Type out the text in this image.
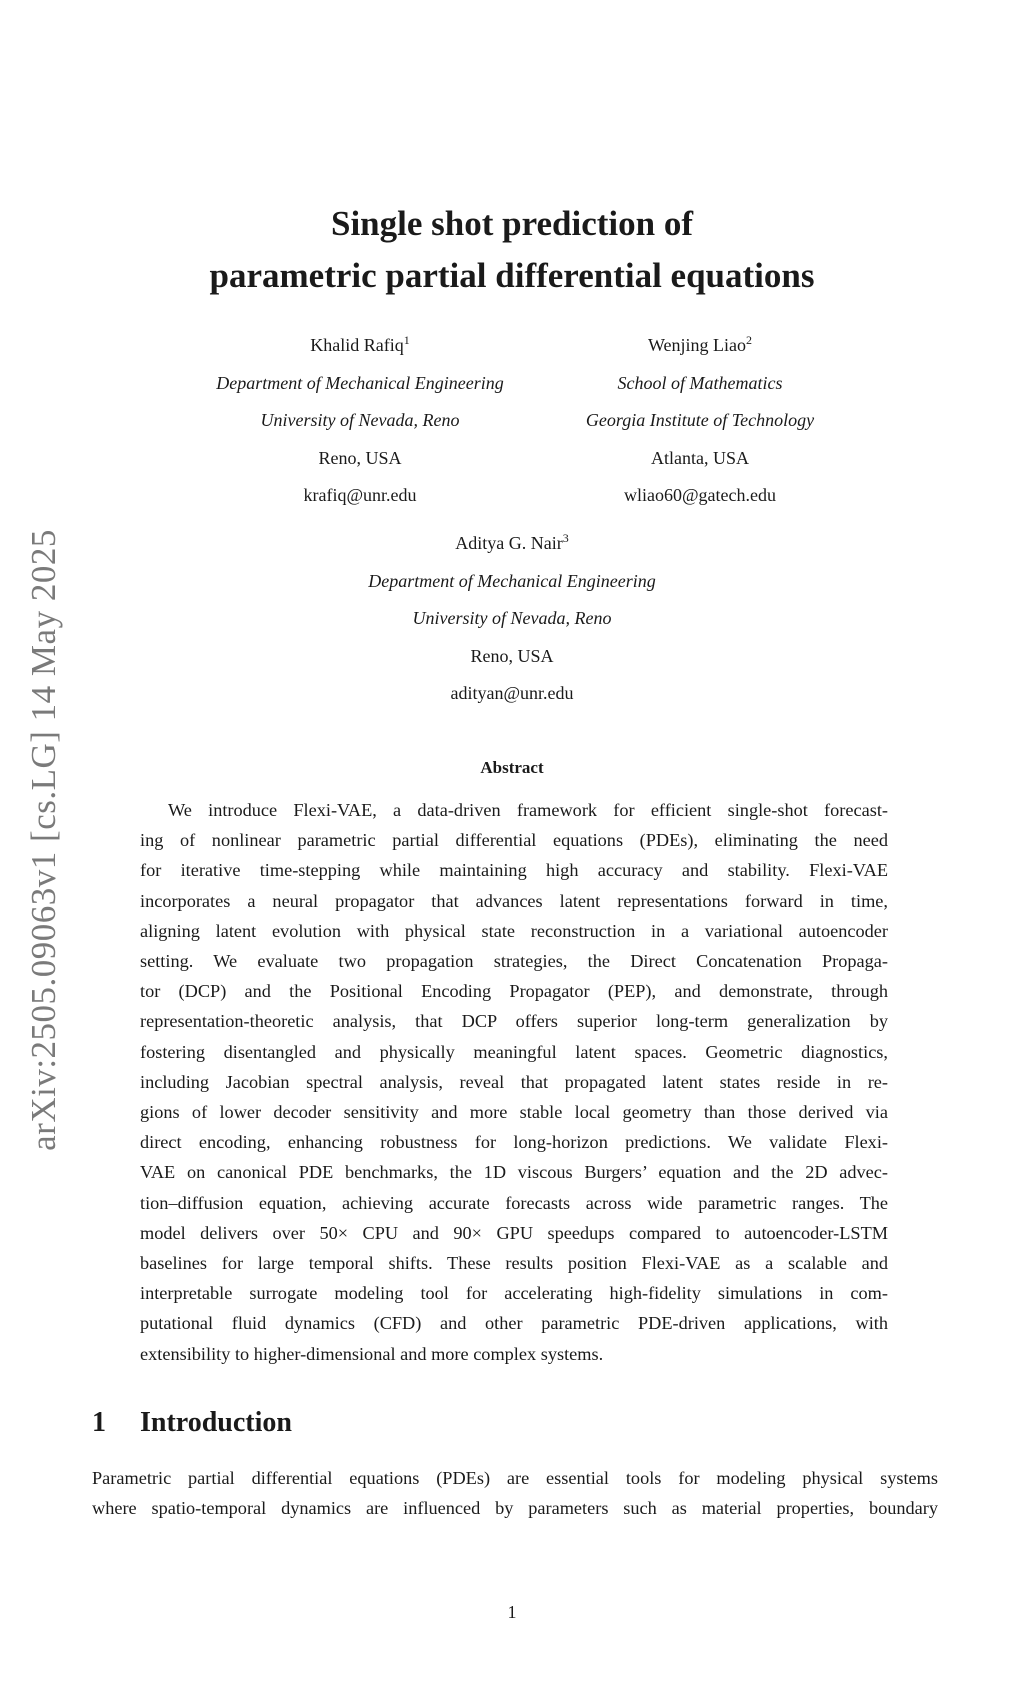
arXiv:2505.09063v1 [cs.LG] 14 May 2025
Single shot prediction of
parametric partial differential equations
Khalid Rafiq$^1$
Department of Mechanical Engineering
University of Nevada, Reno
Reno, USA
krafiq@unr.edu
Wenjing Liao$^2$
School of Mathematics
Georgia Institute of Technology
Atlanta, USA
wliao60@gatech.edu
Aditya G. Nair$^3$
Department of Mechanical Engineering
University of Nevada, Reno
Reno, USA
adityan@unr.edu
Abstract
We introduce Flexi-VAE, a data-driven framework for efficient single-shot forecast-
ing of nonlinear parametric partial differential equations (PDEs), eliminating the need
for iterative time-stepping while maintaining high accuracy and stability. Flexi-VAE
incorporates a neural propagator that advances latent representations forward in time,
aligning latent evolution with physical state reconstruction in a variational autoencoder
setting. We evaluate two propagation strategies, the Direct Concatenation Propaga-
tor (DCP) and the Positional Encoding Propagator (PEP), and demonstrate, through
representation-theoretic analysis, that DCP offers superior long-term generalization by
fostering disentangled and physically meaningful latent spaces. Geometric diagnostics,
including Jacobian spectral analysis, reveal that propagated latent states reside in re-
gions of lower decoder sensitivity and more stable local geometry than those derived via
direct encoding, enhancing robustness for long-horizon predictions. We validate Flexi-
VAE on canonical PDE benchmarks, the 1D viscous Burgers’ equation and the 2D advec-
tion–diffusion equation, achieving accurate forecasts across wide parametric ranges. The
model delivers over 50× CPU and 90× GPU speedups compared to autoencoder-LSTM
baselines for large temporal shifts. These results position Flexi-VAE as a scalable and
interpretable surrogate modeling tool for accelerating high-fidelity simulations in com-
putational fluid dynamics (CFD) and other parametric PDE-driven applications, with
extensibility to higher-dimensional and more complex systems.
1 Introduction
Parametric partial differential equations (PDEs) are essential tools for modeling physical systems
where spatio-temporal dynamics are influenced by parameters such as material properties, boundary
1
